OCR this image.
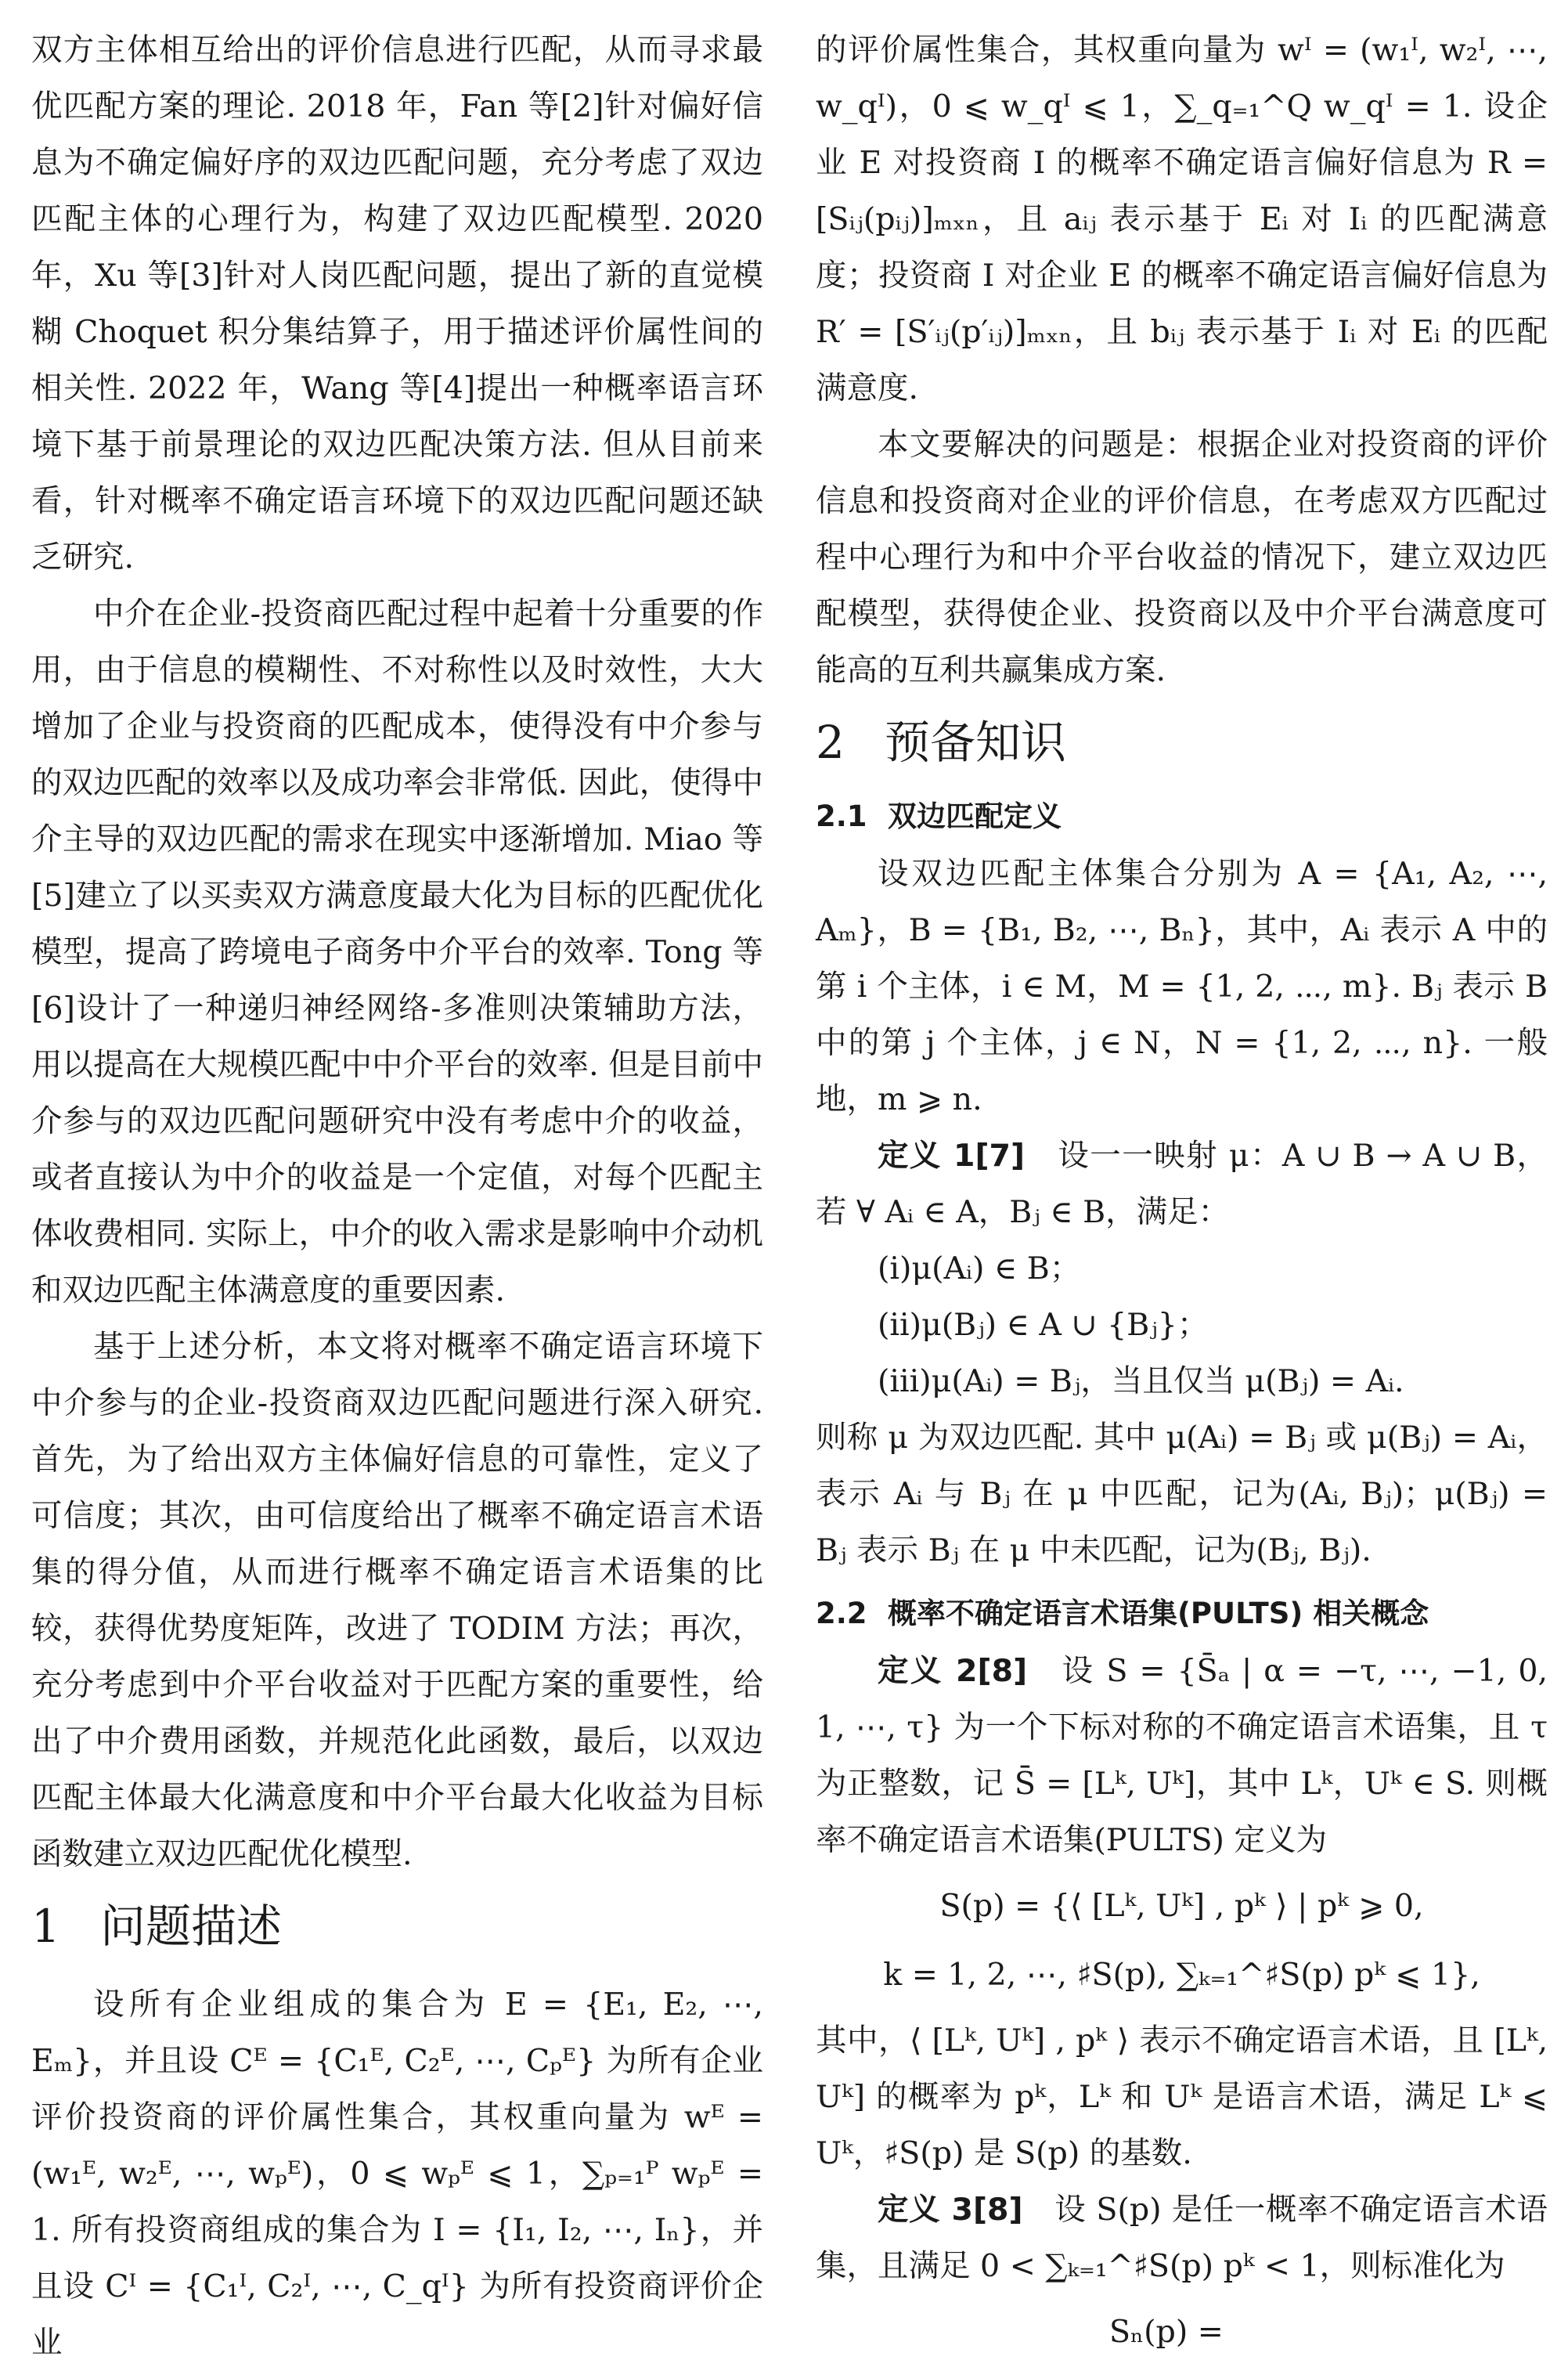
双方主体相互给出的评价信息进行匹配，从而寻求最优匹配方案的理论. 2018 年，Fan 等[2]针对偏好信息为不确定偏好序的双边匹配问题，充分考虑了双边匹配主体的心理行为，构建了双边匹配模型. 2020 年，Xu 等[3]针对人岗匹配问题，提出了新的直觉模糊 Choquet 积分集结算子，用于描述评价属性间的相关性. 2022 年，Wang 等[4]提出一种概率语言环境下基于前景理论的双边匹配决策方法. 但从目前来看，针对概率不确定语言环境下的双边匹配问题还缺乏研究.

中介在企业-投资商匹配过程中起着十分重要的作用，由于信息的模糊性、不对称性以及时效性，大大增加了企业与投资商的匹配成本，使得没有中介参与的双边匹配的效率以及成功率会非常低. 因此，使得中介主导的双边匹配的需求在现实中逐渐增加. Miao 等[5]建立了以买卖双方满意度最大化为目标的匹配优化模型，提高了跨境电子商务中介平台的效率. Tong 等[6]设计了一种递归神经网络-多准则决策辅助方法，用以提高在大规模匹配中中介平台的效率. 但是目前中介参与的双边匹配问题研究中没有考虑中介的收益，或者直接认为中介的收益是一个定值，对每个匹配主体收费相同. 实际上，中介的收入需求是影响中介动机和双边匹配主体满意度的重要因素.

基于上述分析，本文将对概率不确定语言环境下中介参与的企业-投资商双边匹配问题进行深入研究. 首先，为了给出双方主体偏好信息的可靠性，定义了可信度；其次，由可信度给出了概率不确定语言术语集的得分值，从而进行概率不确定语言术语集的比较，获得优势度矩阵，改进了 TODIM 方法；再次，充分考虑到中介平台收益对于匹配方案的重要性，给出了中介费用函数，并规范化此函数，最后，以双边匹配主体最大化满意度和中介平台最大化收益为目标函数建立双边匹配优化模型.

1 问题描述

设所有企业组成的集合为 E = {E₁, E₂, ⋯, Eₘ}，并且设 Cᴱ = {C₁ᴱ, C₂ᴱ, ⋯, Cₚᴱ} 为所有企业评价投资商的评价属性集合，其权重向量为 wᴱ = (w₁ᴱ, w₂ᴱ, ⋯, wₚᴱ)，0 ⩽ wₚᴱ ⩽ 1，∑ₚ₌₁ᴾ wₚᴱ = 1. 所有投资商组成的集合为 I = {I₁, I₂, ⋯, Iₙ}，并且设 Cᴵ = {C₁ᴵ, C₂ᴵ, ⋯, C_qᴵ} 为所有投资商评价企业

的评价属性集合，其权重向量为 wᴵ = (w₁ᴵ, w₂ᴵ, ⋯, w_qᴵ)，0 ⩽ w_qᴵ ⩽ 1，∑_q₌₁^Q w_qᴵ = 1. 设企业 E 对投资商 I 的概率不确定语言偏好信息为 R = [Sᵢⱼ(pᵢⱼ)]ₘₓₙ，且 aᵢⱼ 表示基于 Eᵢ 对 Iᵢ 的匹配满意度；投资商 I 对企业 E 的概率不确定语言偏好信息为 R′ = [S′ᵢⱼ(p′ᵢⱼ)]ₘₓₙ，且 bᵢⱼ 表示基于 Iᵢ 对 Eᵢ 的匹配满意度.

本文要解决的问题是：根据企业对投资商的评价信息和投资商对企业的评价信息，在考虑双方匹配过程中心理行为和中介平台收益的情况下，建立双边匹配模型，获得使企业、投资商以及中介平台满意度可能高的互利共赢集成方案.

2 预备知识
2.1 双边匹配定义

设双边匹配主体集合分别为 A = {A₁, A₂, ⋯, Aₘ}，B = {B₁, B₂, ⋯, Bₙ}，其中，Aᵢ 表示 A 中的第 i 个主体，i ∈ M，M = {1, 2, ⋯, m}. Bⱼ 表示 B 中的第 j 个主体，j ∈ N，N = {1, 2, ⋯, n}. 一般地，m ⩾ n.

定义 1[7]　 设一一映射 μ：A ∪ B → A ∪ B，若 ∀ Aᵢ ∈ A，Bⱼ ∈ B，满足：

(i)μ(Aᵢ) ∈ B；

(ii)μ(Bⱼ) ∈ A ∪ {Bⱼ}；

(iii)μ(Aᵢ) = Bⱼ，当且仅当 μ(Bⱼ) = Aᵢ.

则称 μ 为双边匹配. 其中 μ(Aᵢ) = Bⱼ 或 μ(Bⱼ) = Aᵢ，表示 Aᵢ 与 Bⱼ 在 μ 中匹配，记为(Aᵢ, Bⱼ)；μ(Bⱼ) = Bⱼ 表示 Bⱼ 在 μ 中未匹配，记为(Bⱼ, Bⱼ).

2.2 概率不确定语言术语集(PULTS) 相关概念

定义 2[8]　 设 S = {S̄ₐ | α = −τ, ⋯, −1, 0, 1, ⋯, τ} 为一个下标对称的不确定语言术语集，且 τ 为正整数，记 S̄ = [Lᵏ, Uᵏ]，其中 Lᵏ，Uᵏ ∈ S. 则概率不确定语言术语集(PULTS) 定义为

S(p) = {⟨ [Lᵏ, Uᵏ] , pᵏ ⟩ | pᵏ ⩾ 0,
k = 1, 2, ⋯, ♯S(p), ∑ₖ₌₁^♯S(p) pᵏ ⩽ 1},

其中，⟨ [Lᵏ, Uᵏ] , pᵏ ⟩ 表示不确定语言术语，且 [Lᵏ, Uᵏ] 的概率为 pᵏ，Lᵏ 和 Uᵏ 是语言术语，满足 Lᵏ ⩽ Uᵏ，♯S(p) 是 S(p) 的基数.

定义 3[8]　 设 S(p) 是任一概率不确定语言术语集，且满足 0 < ∑ₖ₌₁^♯S(p) pᵏ < 1，则标准化为

Sₙ(p) =
